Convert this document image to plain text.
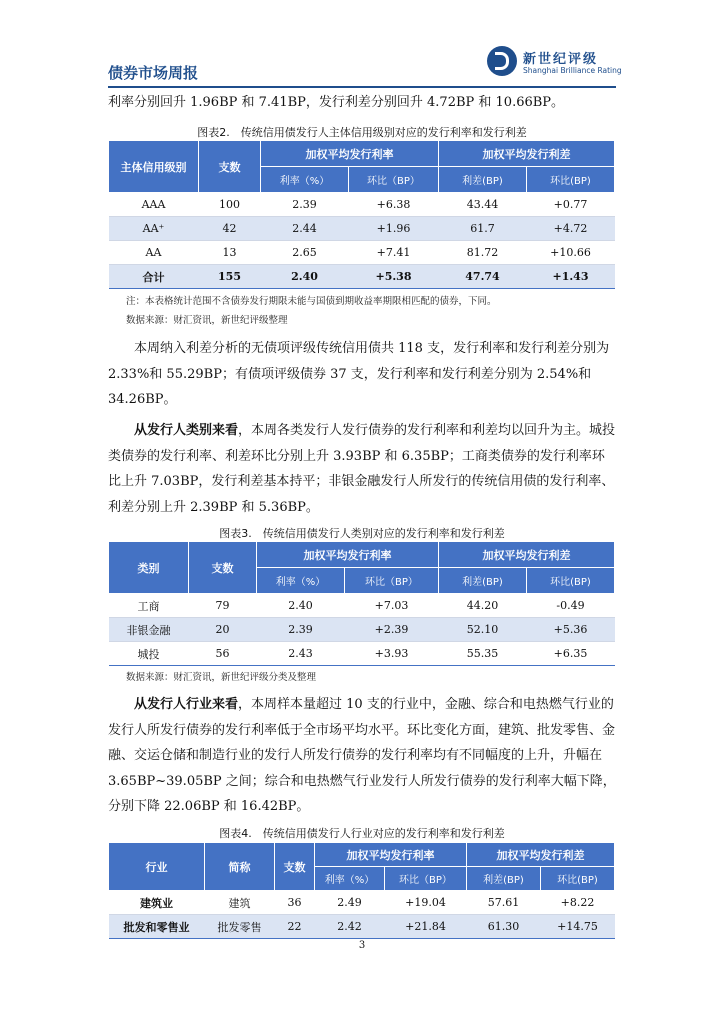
债券市场周报
新世纪评级
Shanghai Brilliance Rating
利率分别回升 1.96BP 和 7.41BP，发行利差分别回升 4.72BP 和 10.66BP。
图表2.　传统信用债发行人主体信用级别对应的发行利率和发行利差
主体信用级别	支数	加权平均发行利率		加权平均发行利差	
		利率（%）	环比（BP）	利差(BP)	环比(BP)
AAA	100	2.39	+6.38	43.44	+0.77
AA⁺	42	2.44	+1.96	61.7	+4.72
AA	13	2.65	+7.41	81.72	+10.66
合计	155	2.40	+5.38	47.74	+1.43
注：本表格统计范围不含债券发行期限未能与国债到期收益率期限相匹配的债券，下同。
数据来源：财汇资讯，新世纪评级整理
本周纳入利差分析的无债项评级传统信用债共 118 支，发行利率和发行利差分别为 2.33%和 55.29BP；有债项评级债券 37 支，发行利率和发行利差分别为 2.54%和 34.26BP。
从发行人类别来看，本周各类发行人发行债券的发行利率和利差均以回升为主。城投类债券的发行利率、利差环比分别上升 3.93BP 和 6.35BP；工商类债券的发行利率环比上升 7.03BP，发行利差基本持平；非银金融发行人所发行的传统信用债的发行利率、利差分别上升 2.39BP 和 5.36BP。
图表3.　传统信用债发行人类别对应的发行利率和发行利差
类别	支数	加权平均发行利率		加权平均发行利差	
		利率（%）	环比（BP）	利差(BP)	环比(BP)
工商	79	2.40	+7.03	44.20	-0.49
非银金融	20	2.39	+2.39	52.10	+5.36
城投	56	2.43	+3.93	55.35	+6.35
数据来源：财汇资讯，新世纪评级分类及整理
从发行人行业来看，本周样本量超过 10 支的行业中，金融、综合和电热燃气行业的发行人所发行债券的发行利率低于全市场平均水平。环比变化方面，建筑、批发零售、金融、交运仓储和制造行业的发行人所发行债券的发行利率均有不同幅度的上升，升幅在 3.65BP~39.05BP 之间；综合和电热燃气行业发行人所发行债券的发行利率大幅下降，分别下降 22.06BP 和 16.42BP。
图表4.　传统信用债发行人行业对应的发行利率和发行利差
行业	简称	支数	加权平均发行利率		加权平均发行利差	
			利率（%）	环比（BP）	利差(BP)	环比(BP)
建筑业	建筑	36	2.49	+19.04	57.61	+8.22
批发和零售业	批发零售	22	2.42	+21.84	61.30	+14.75
3
